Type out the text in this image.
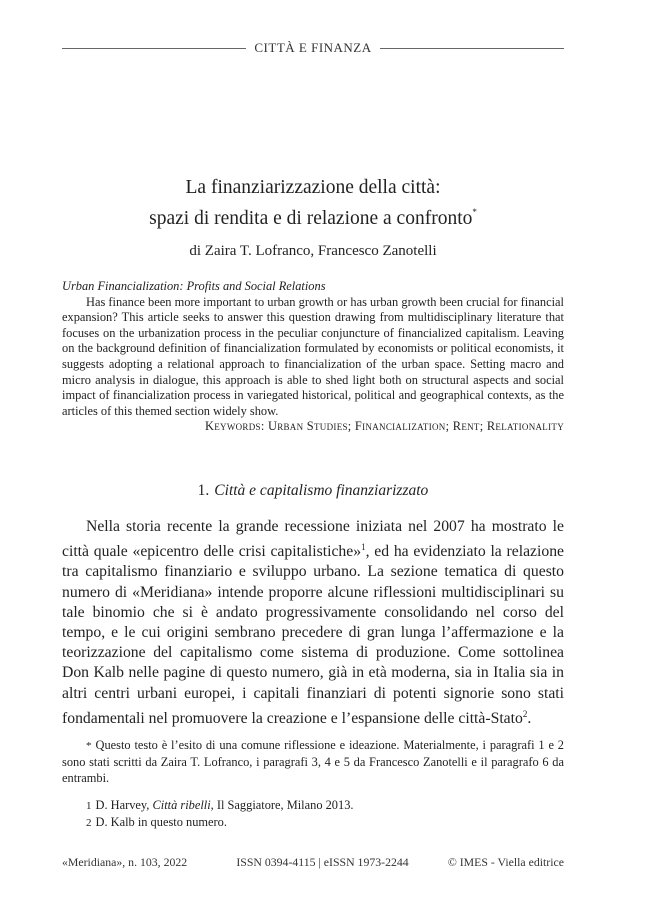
CITTÀ E FINANZA
La finanziarizzazione della città:
spazi di rendita e di relazione a confronto*
di Zaira T. Lofranco, Francesco Zanotelli
Urban Financialization: Profits and Social Relations

Has finance been more important to urban growth or has urban growth been crucial for financial expansion? This article seeks to answer this question drawing from multidisciplinary literature that focuses on the urbanization process in the peculiar conjuncture of financialized capitalism. Leaving on the background definition of financialization formulated by economists or political economists, it suggests adopting a relational approach to financialization of the urban space. Setting macro and micro analysis in dialogue, this approach is able to shed light both on structural aspects and social impact of financialization process in variegated historical, political and geographical contexts, as the articles of this themed section widely show.

Keywords: Urban Studies; Financialization; Rent; Relationality
1. Città e capitalismo finanziarizzato

Nella storia recente la grande recessione iniziata nel 2007 ha mostrato le città quale «epicentro delle crisi capitalistiche»$^1$, ed ha evidenziato la relazione tra capitalismo finanziario e sviluppo urbano. La sezione tematica di questo numero di «Meridiana» intende proporre alcune riflessioni multidisciplinari su tale binomio che si è andato progressivamente consolidando nel corso del tempo, e le cui origini sembrano precedere di gran lunga l’affermazione e la teorizzazione del capitalismo come sistema di produzione. Come sottolinea Don Kalb nelle pagine di questo numero, già in età moderna, sia in Italia sia in altri centri urbani europei, i capitali finanziari di potenti signorie sono stati fondamentali nel promuovere la creazione e l’espansione delle città-Stato$^2$.

* Questo testo è l’esito di una comune riflessione e ideazione. Materialmente, i paragrafi 1 e 2 sono stati scritti da Zaira T. Lofranco, i paragrafi 3, 4 e 5 da Francesco Zanotelli e il paragrafo 6 da entrambi.

1 D. Harvey, Città ribelli, Il Saggiatore, Milano 2013.

2 D. Kalb in questo numero.

«Meridiana», n. 103, 2022	ISSN 0394-4115 | eISSN 1973-2244	© IMES - Viella editrice
